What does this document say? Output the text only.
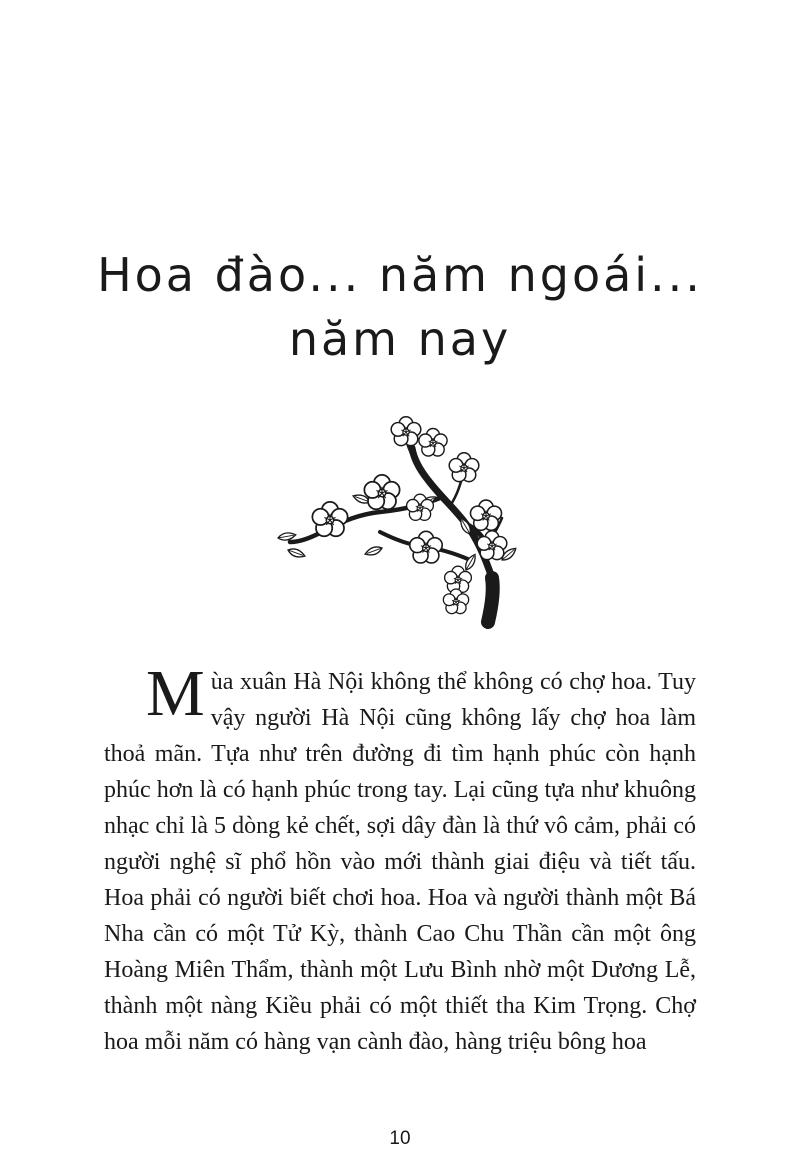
Hoa đào... năm ngoái...
năm nay

Mùa xuân Hà Nội không thể không có chợ hoa. Tuy vậy người Hà Nội cũng không lấy chợ hoa làm thoả mãn. Tựa như trên đường đi tìm hạnh phúc còn hạnh phúc hơn là có hạnh phúc trong tay. Lại cũng tựa như khuông nhạc chỉ là 5 dòng kẻ chết, sợi dây đàn là thứ vô cảm, phải có người nghệ sĩ phổ hồn vào mới thành giai điệu và tiết tấu. Hoa phải có người biết chơi hoa. Hoa và người thành một Bá Nha cần có một Tử Kỳ, thành Cao Chu Thần cần một ông Hoàng Miên Thẩm, thành một Lưu Bình nhờ một Dương Lễ, thành một nàng Kiều phải có một thiết tha Kim Trọng. Chợ hoa mỗi năm có hàng vạn cành đào, hàng triệu bông hoa

10
